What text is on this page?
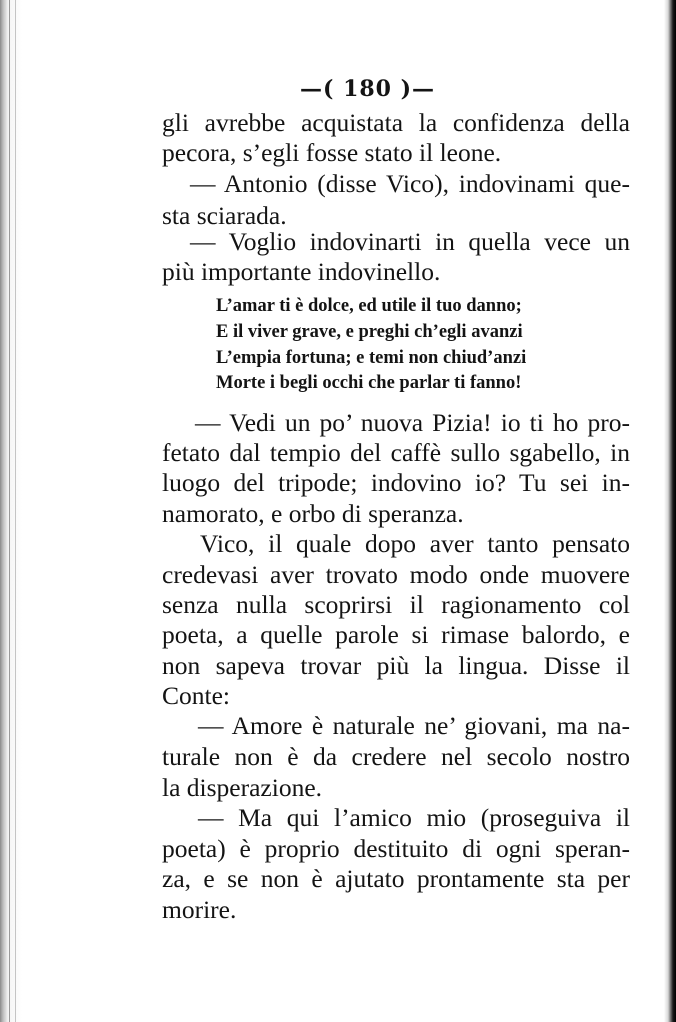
—( 180 )—
gli avrebbe acquistata la confidenza della
pecora, s’egli fosse stato il leone.
— Antonio (disse Vico), indovinami que-
sta sciarada.
— Voglio indovinarti in quella vece un
più importante indovinello.
L’amar ti è dolce, ed utile il tuo danno;
E il viver grave, e preghi ch’egli avanzi
L’empia fortuna; e temi non chiud’anzi
Morte i begli occhi che parlar ti fanno!
— Vedi un po’ nuova Pizia! io ti ho pro-
fetato dal tempio del caffè sullo sgabello, in
luogo del tripode; indovino io? Tu sei in-
namorato, e orbo di speranza.
Vico, il quale dopo aver tanto pensato
credevasi aver trovato modo onde muovere
senza nulla scoprirsi il ragionamento col
poeta, a quelle parole si rimase balordo, e
non sapeva trovar più la lingua. Disse il
Conte:
— Amore è naturale ne’ giovani, ma na-
turale non è da credere nel secolo nostro
la disperazione.
— Ma qui l’amico mio (proseguiva il
poeta) è proprio destituito di ogni speran-
za, e se non è ajutato prontamente sta per
morire.
